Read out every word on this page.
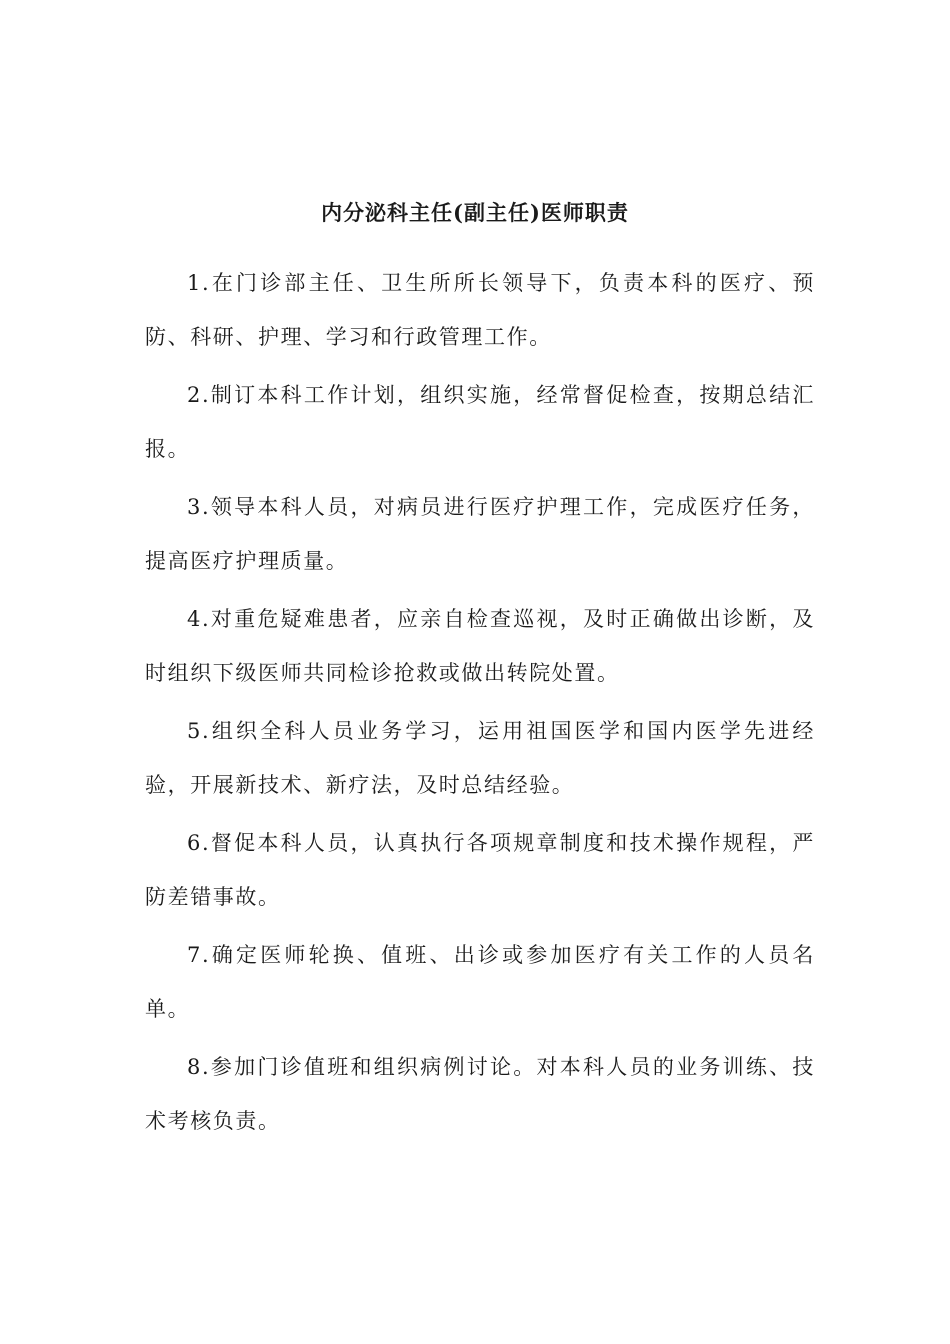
内分泌科主任(副主任)医师职责

1.在门诊部主任、卫生所所长领导下，负责本科的医疗、预防、科研、护理、学习和行政管理工作。

2.制订本科工作计划，组织实施，经常督促检查，按期总结汇报。

3.领导本科人员，对病员进行医疗护理工作，完成医疗任务，提高医疗护理质量。

4.对重危疑难患者，应亲自检查巡视，及时正确做出诊断，及时组织下级医师共同检诊抢救或做出转院处置。

5.组织全科人员业务学习，运用祖国医学和国内医学先进经验，开展新技术、新疗法，及时总结经验。

6.督促本科人员，认真执行各项规章制度和技术操作规程，严防差错事故。

7.确定医师轮换、值班、出诊或参加医疗有关工作的人员名单。

8.参加门诊值班和组织病例讨论。对本科人员的业务训练、技术考核负责。
